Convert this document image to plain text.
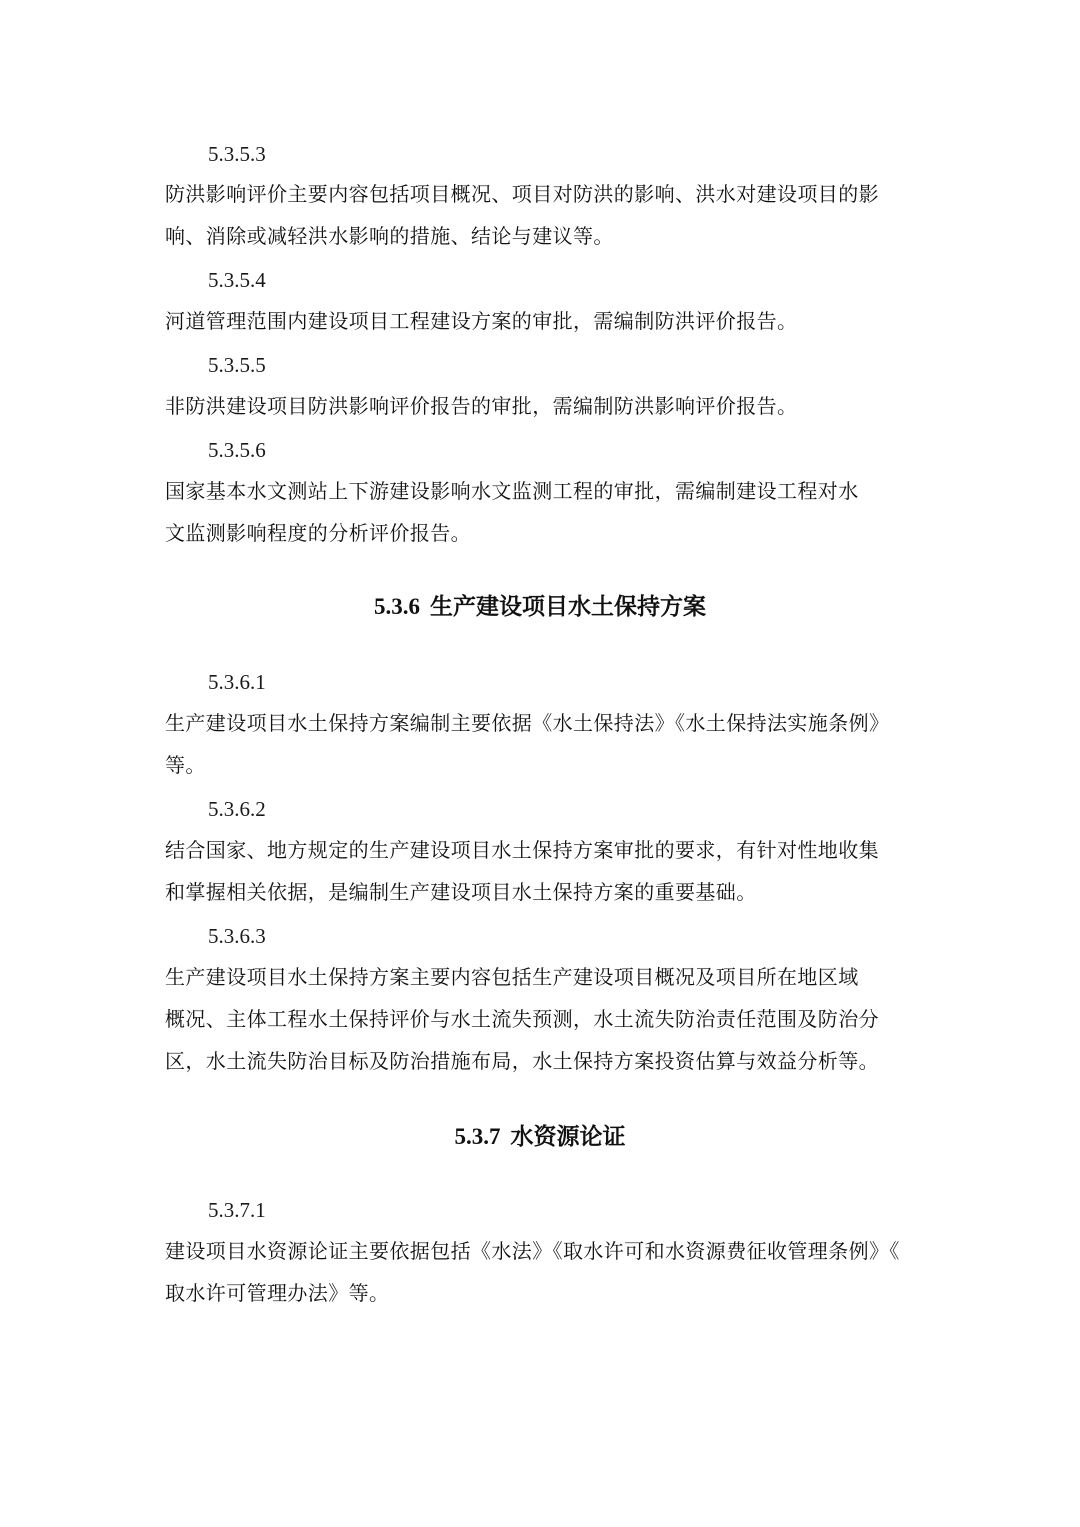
5.3.5.3

防洪影响评价主要内容包括项目概况、项目对防洪的影响、洪水对建设项目的影
响、消除或减轻洪水影响的措施、结论与建议等。

5.3.5.4

河道管理范围内建设项目工程建设方案的审批，需编制防洪评价报告。

5.3.5.5

非防洪建设项目防洪影响评价报告的审批，需编制防洪影响评价报告。

5.3.5.6

国家基本水文测站上下游建设影响水文监测工程的审批，需编制建设工程对水
文监测影响程度的分析评价报告。

5.3.6 生产建设项目水土保持方案
5.3.6.1

生产建设项目水土保持方案编制主要依据《水土保持法》《水土保持法实施条例》
等。

5.3.6.2

结合国家、地方规定的生产建设项目水土保持方案审批的要求，有针对性地收集
和掌握相关依据，是编制生产建设项目水土保持方案的重要基础。

5.3.6.3

生产建设项目水土保持方案主要内容包括生产建设项目概况及项目所在地区域
概况、主体工程水土保持评价与水土流失预测，水土流失防治责任范围及防治分
区，水土流失防治目标及防治措施布局，水土保持方案投资估算与效益分析等。

5.3.7 水资源论证
5.3.7.1

建设项目水资源论证主要依据包括《水法》《取水许可和水资源费征收管理条例》《
取水许可管理办法》等。
